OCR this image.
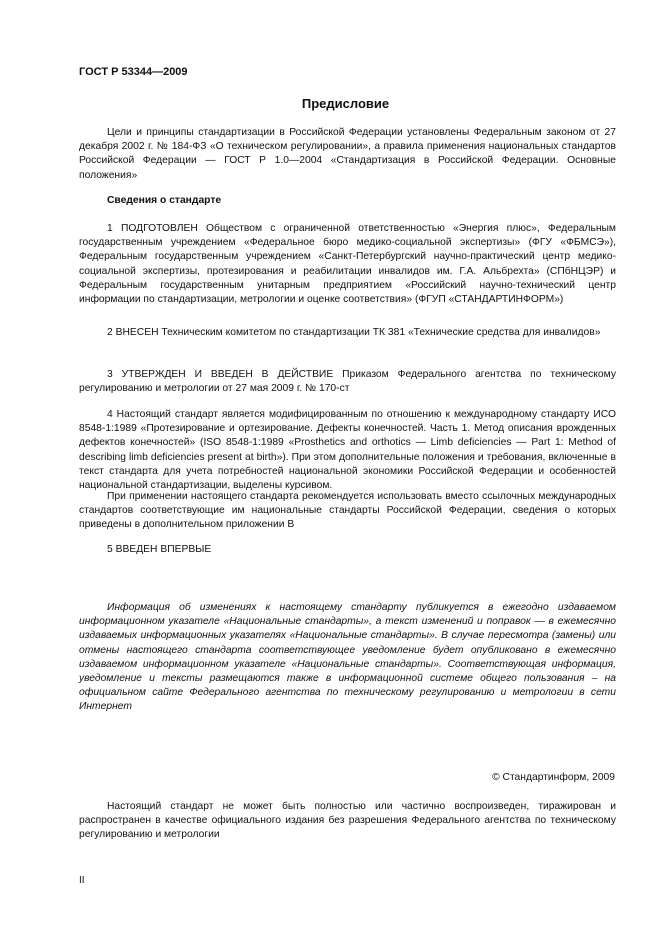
ГОСТ Р 53344—2009
Предисловие

Цели и принципы стандартизации в Российской Федерации установлены Федеральным законом от 27 декабря 2002 г. № 184-ФЗ «О техническом регулировании», а правила применения национальных стандартов Российской Федерации — ГОСТ Р 1.0—2004 «Стандартизация в Российской Федерации. Основные положения»

Сведения о стандарте

1 ПОДГОТОВЛЕН Обществом с ограниченной ответственностью «Энергия плюс», Федеральным государственным учреждением «Федеральное бюро медико-социальной экспертизы» (ФГУ «ФБМСЭ»), Федеральным государственным учреждением «Санкт-Петербургский научно-практический центр медико-социальной экспертизы, протезирования и реабилитации инвалидов им. Г.А. Альбрехта» (СПбНЦЭР) и Федеральным государственным унитарным предприятием «Российский научно-технический центр информации по стандартизации, метрологии и оценке соответствия» (ФГУП «СТАНДАРТИНФОРМ»)

2 ВНЕСЕН Техническим комитетом по стандартизации ТК 381 «Технические средства для инвалидов»

3 УТВЕРЖДЕН И ВВЕДЕН В ДЕЙСТВИЕ Приказом Федерального агентства по техническому регулированию и метрологии от 27 мая 2009 г. № 170-ст

4 Настоящий стандарт является модифицированным по отношению к международному стандарту ИСО 8548-1:1989 «Протезирование и ортезирование. Дефекты конечностей. Часть 1. Метод описания врожденных дефектов конечностей» (ISO 8548-1:1989 «Prosthetics and orthotics — Limb deficiencies — Part 1: Method of describing limb deficiencies present at birth»). При этом дополнительные положения и требования, включенные в текст стандарта для учета потребностей национальной экономики Российской Федерации и особенностей национальной стандартизации, выделены курсивом.

При применении настоящего стандарта рекомендуется использовать вместо ссылочных международных стандартов соответствующие им национальные стандарты Российской Федерации, сведения о которых приведены в дополнительном приложении В

5 ВВЕДЕН ВПЕРВЫЕ

Информация об изменениях к настоящему стандарту публикуется в ежегодно издаваемом информационном указателе «Национальные стандарты», а текст изменений и поправок — в ежемесячно издаваемых информационных указателях «Национальные стандарты». В случае пересмотра (замены) или отмены настоящего стандарта соответствующее уведомление будет опубликовано в ежемесячно издаваемом информационном указателе «Национальные стандарты». Соответствующая информация, уведомление и тексты размещаются также в информационной системе общего пользования – на официальном сайте Федерального агентства по техническому регулированию и метрологии в сети Интернет

© Стандартинформ, 2009

Настоящий стандарт не может быть полностью или частично воспроизведен, тиражирован и распространен в качестве официального издания без разрешения Федерального агентства по техническому регулированию и метрологии

II
